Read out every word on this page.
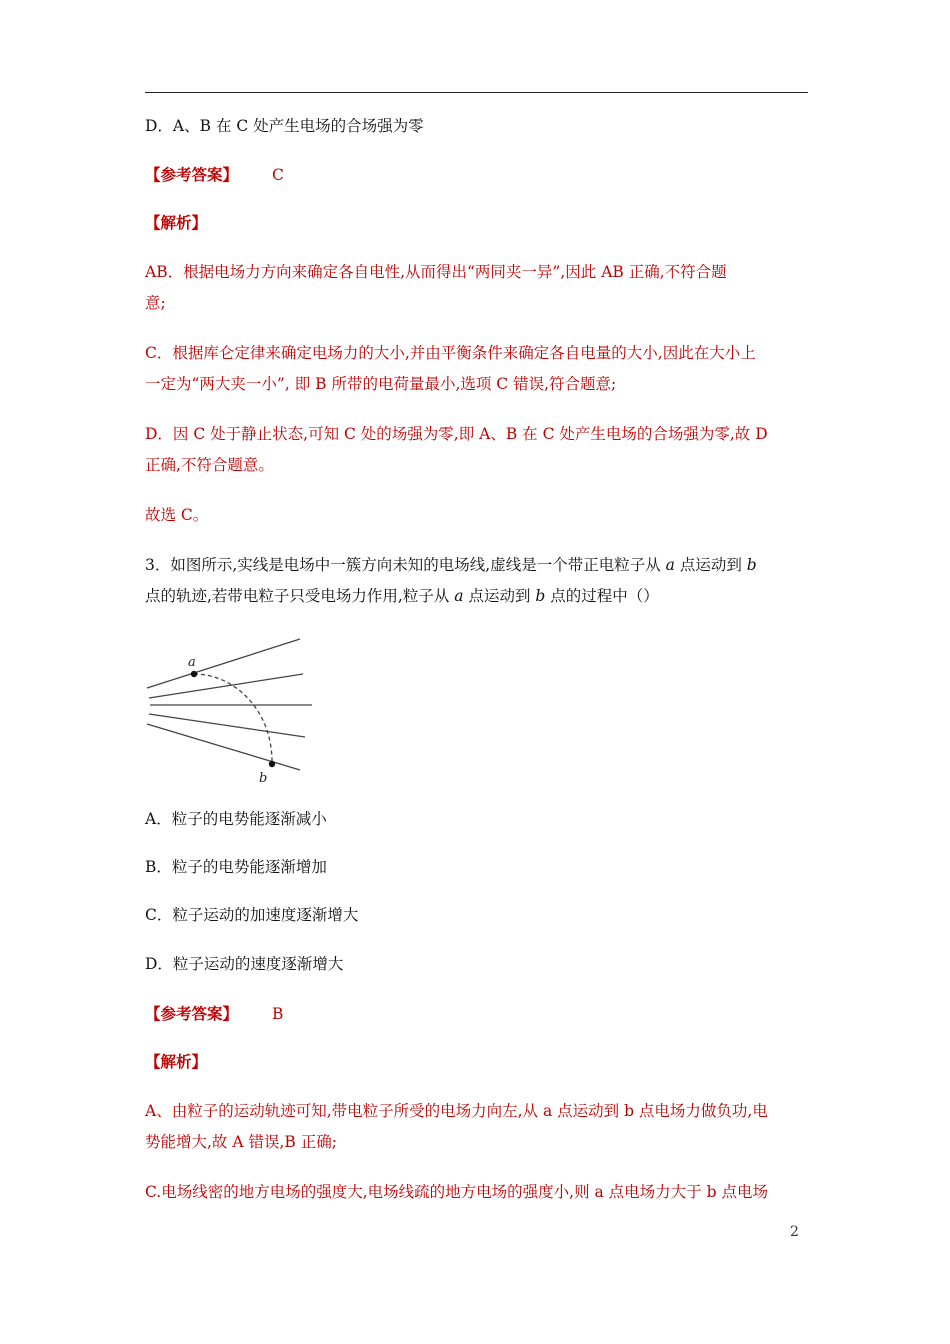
D．A、B 在 C 处产生电场的合场强为零
【参考答案】 C
【解析】
AB．根据电场力方向来确定各自电性,从而得出“两同夹一异”,因此 AB 正确,不符合题
意;
C．根据库仑定律来确定电场力的大小,并由平衡条件来确定各自电量的大小,因此在大小上
一定为“两大夹一小”, 即 B 所带的电荷量最小,选项 C 错误,符合题意;
D．因 C 处于静止状态,可知 C 处的场强为零,即 A、B 在 C 处产生电场的合场强为零,故 D
正确,不符合题意。
故选 C。
3．如图所示,实线是电场中一簇方向未知的电场线,虚线是一个带正电粒子从 a 点运动到 b
点的轨迹,若带电粒子只受电场力作用,粒子从 a 点运动到 b 点的过程中（）
a
b
A．粒子的电势能逐渐减小
B．粒子的电势能逐渐增加
C．粒子运动的加速度逐渐增大
D．粒子运动的速度逐渐增大
【参考答案】 B
【解析】
A、由粒子的运动轨迹可知,带电粒子所受的电场力向左,从 a 点运动到 b 点电场力做负功,电
势能增大,故 A 错误,B 正确;
C.电场线密的地方电场的强度大,电场线疏的地方电场的强度小,则 a 点电场力大于 b 点电场
2
